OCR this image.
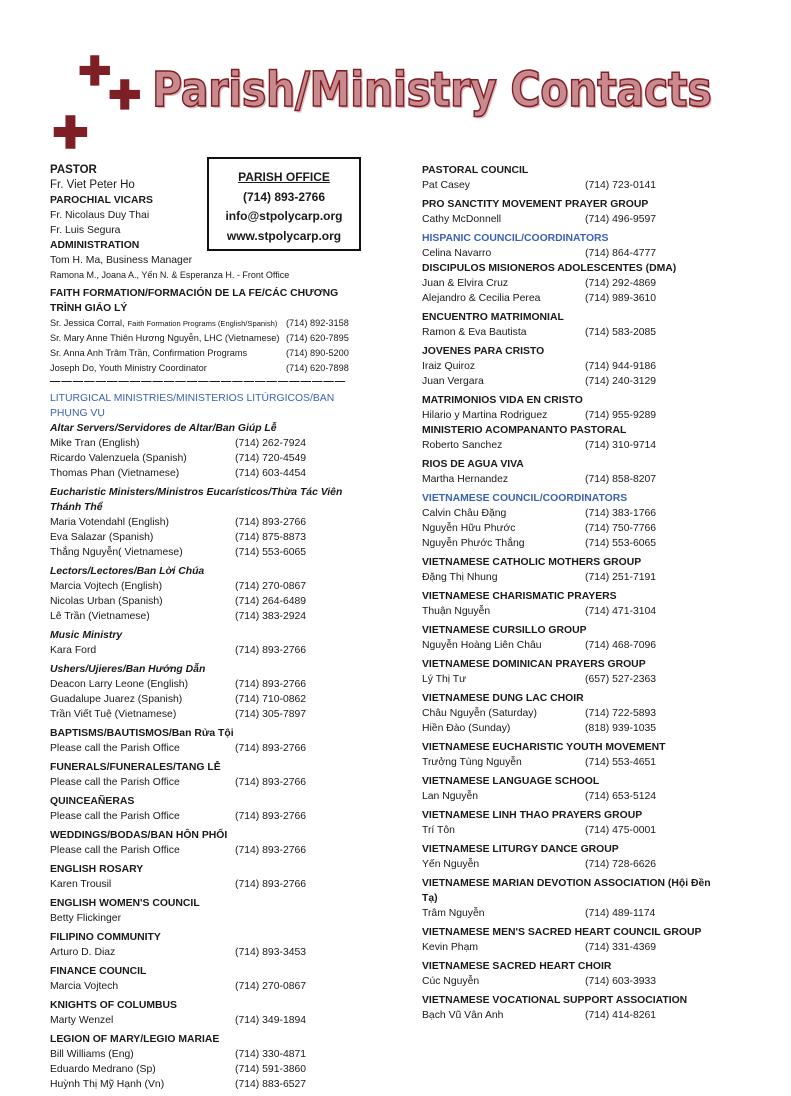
✚
✚
✚
Parish/Ministry Contacts
PARISH OFFICE
(714) 893-2766
info@stpolycarp.org
www.stpolycarp.org
PASTOR
Fr. Viet Peter Ho
PAROCHIAL VICARS
Fr. Nicolaus Duy Thai
Fr. Luis Segura
ADMINISTRATION
Tom H. Ma, Business Manager
Ramona M., Joana A., Yến N. & Esperanza H. - Front Office
FAITH FORMATION/FORMACIÓN DE LA FE/CÁC CHƯƠNG TRÌNH GIÁO LÝ
Sr. Jessica Corral, Faith Formation Programs (English/Spanish) (714) 892-3158
Sr. Mary Anne Thiên Hương Nguyễn, LHC (Vietnamese) (714) 620-7895
Sr. Anna Anh Trâm Trần, Confirmation Programs	(714) 890-5200
Joseph Do, Youth Ministry Coordinator	(714) 620-7898
——————————————————————————
LITURGICAL MINISTRIES/MINISTERIOS LITÚRGICOS/BAN PHỤNG VỤ
Altar Servers/Servidores de Altar/Ban Giúp Lễ
Mike Tran (English)	(714) 262-7924
Ricardo Valenzuela (Spanish)	(714) 720-4549
Thomas Phan (Vietnamese)	(714) 603-4454
Eucharistic Ministers/Ministros Eucarísticos/Thừa Tác Viên Thánh Thể
Maria Votendahl (English)	(714) 893-2766
Eva Salazar (Spanish)	(714) 875-8873
Thắng Nguyễn( Vietnamese)	(714) 553-6065
Lectors/Lectores/Ban Lời Chúa
Marcia Vojtech (English)	(714) 270-0867
Nicolas Urban (Spanish)	(714) 264-6489
Lê Trần (Vietnamese)	(714) 383-2924
Music Ministry
Kara Ford	(714) 893-2766
Ushers/Ujieres/Ban Hướng Dẫn
Deacon Larry Leone (English)	(714) 893-2766
Guadalupe Juarez (Spanish)	(714) 710-0862
Trần Viết Tuệ (Vietnamese)	(714) 305-7897
BAPTISMS/BAUTISMOS/Ban Rửa Tội
Please call the Parish Office	(714) 893-2766
FUNERALS/FUNERALES/TANG LỄ
Please call the Parish Office	(714) 893-2766
QUINCEAÑERAS
Please call the Parish Office	(714) 893-2766
WEDDINGS/BODAS/BAN HÔN PHỐI
Please call the Parish Office	(714) 893-2766
ENGLISH ROSARY
Karen Trousil	(714) 893-2766
ENGLISH WOMEN'S COUNCIL
Betty Flickinger
FILIPINO COMMUNITY
Arturo D. Diaz	(714) 893-3453
FINANCE COUNCIL
Marcia Vojtech	(714) 270-0867
KNIGHTS OF COLUMBUS
Marty Wenzel	(714) 349-1894
LEGION OF MARY/LEGIO MARIAE
Bill Williams (Eng)	(714) 330-4871
Eduardo Medrano (Sp)	(714) 591-3860
Huỳnh Thị Mỹ Hạnh (Vn)	(714) 883-6527
PASTORAL COUNCIL
Pat Casey	(714) 723-0141
PRO SANCTITY MOVEMENT PRAYER GROUP
Cathy McDonnell	(714) 496-9597
HISPANIC COUNCIL/COORDINATORS
Celina Navarro	(714) 864-4777
DISCIPULOS MISIONEROS ADOLESCENTES (DMA)
Juan & Elvira Cruz	(714) 292-4869
Alejandro & Cecilia Perea	(714) 989-3610
ENCUENTRO MATRIMONIAL
Ramon & Eva Bautista	(714) 583-2085
JOVENES PARA CRISTO
Iraiz Quiroz	(714) 944-9186
Juan Vergara	(714) 240-3129
MATRIMONIOS VIDA EN CRISTO
Hilario y Martina Rodriguez	(714) 955-9289
MINISTERIO ACOMPANANTO PASTORAL
Roberto Sanchez	(714) 310-9714
RIOS DE AGUA VIVA
Martha Hernandez	(714) 858-8207
VIETNAMESE COUNCIL/COORDINATORS
Calvin Châu Đặng	(714) 383-1766
Nguyễn Hữu Phước	(714) 750-7766
Nguyễn Phước Thắng	(714) 553-6065
VIETNAMESE CATHOLIC MOTHERS GROUP
Đặng Thị Nhung	(714) 251-7191
VIETNAMESE CHARISMATIC PRAYERS
Thuận Nguyễn	(714) 471-3104
VIETNAMESE CURSILLO GROUP
Nguyễn Hoàng Liên Châu	(714) 468-7096
VIETNAMESE DOMINICAN PRAYERS GROUP
Lý Thị Tư	(657) 527-2363
VIETNAMESE DUNG LAC CHOIR
Châu Nguyễn (Saturday)	(714) 722-5893
Hiền Đào (Sunday)	(818) 939-1035
VIETNAMESE EUCHARISTIC YOUTH MOVEMENT
Trưởng Tùng Nguyễn	(714) 553-4651
VIETNAMESE LANGUAGE SCHOOL
Lan Nguyễn	(714) 653-5124
VIETNAMESE LINH THAO PRAYERS GROUP
Trí Tôn	(714) 475-0001
VIETNAMESE LITURGY DANCE GROUP
Yến Nguyễn	(714) 728-6626
VIETNAMESE MARIAN DEVOTION ASSOCIATION (Hội Đền Tạ)
Trâm Nguyễn	(714) 489-1174
VIETNAMESE MEN'S SACRED HEART COUNCIL GROUP
Kevin Phạm	(714) 331-4369
VIETNAMESE SACRED HEART CHOIR
Cúc Nguyễn	(714) 603-3933
VIETNAMESE VOCATIONAL SUPPORT ASSOCIATION
Bạch Vũ Vân Anh	(714) 414-8261
